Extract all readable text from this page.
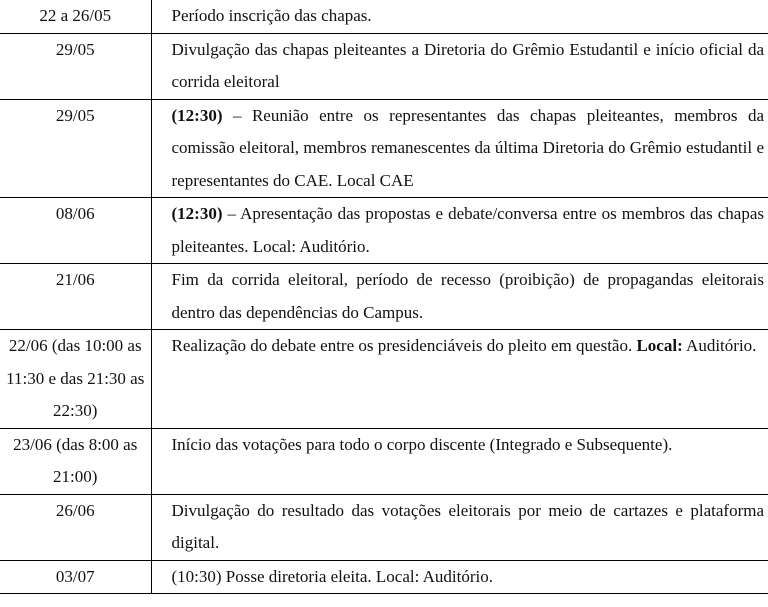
22 a 26/05	Período inscrição das chapas.
29/05	Divulgação das chapas pleiteantes a Diretoria do Grêmio Estudantil e início oficial da corrida eleitoral
29/05	(12:30) – Reunião entre os representantes das chapas pleiteantes, membros da comissão eleitoral, membros remanescentes da última Diretoria do Grêmio estudantil e representantes do CAE. Local CAE
08/06	(12:30) – Apresentação das propostas e debate/conversa entre os membros das chapas pleiteantes. Local: Auditório.
21/06	Fim da corrida eleitoral, período de recesso (proibição) de propagandas eleitorais dentro das dependências do Campus.
22/06 (das 10:00 as 11:30 e das 21:30 as 22:30)	Realização do debate entre os presidenciáveis do pleito em questão. Local: Auditório.
23/06 (das 8:00 as 21:00)	Início das votações para todo o corpo discente (Integrado e Subsequente).
26/06	Divulgação do resultado das votações eleitorais por meio de cartazes e plataforma digital.
03/07	(10:30) Posse diretoria eleita. Local: Auditório.
